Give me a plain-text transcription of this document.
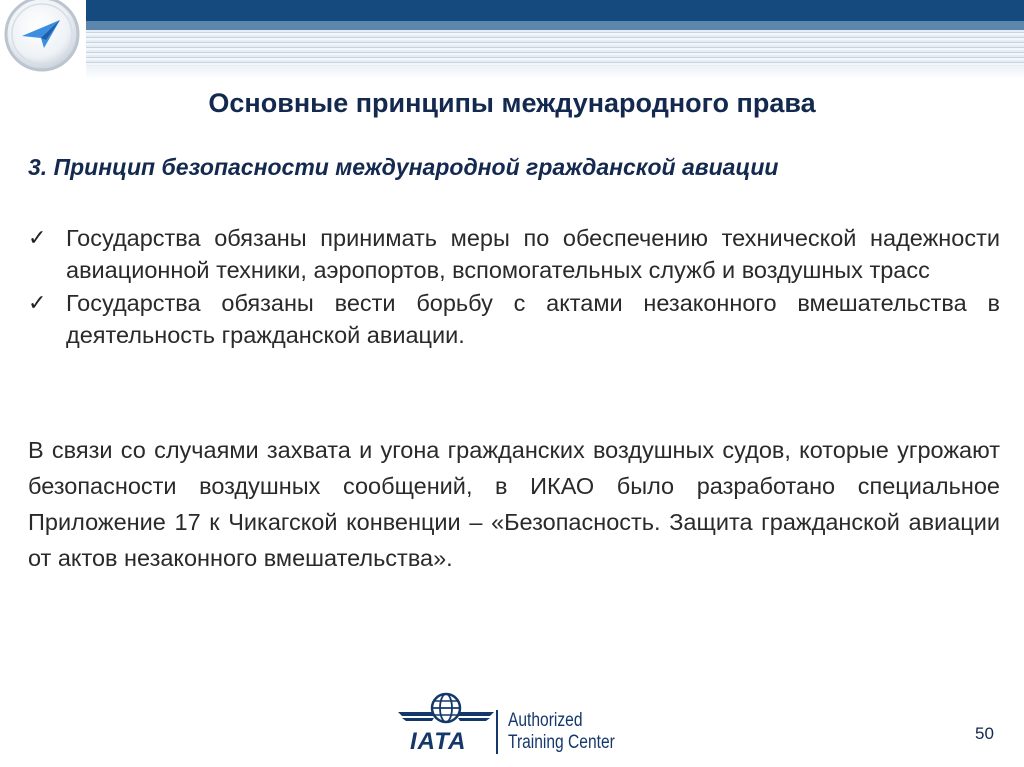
Основные принципы международного права
3. Принцип безопасности международной гражданской авиации
✓ Государства обязаны принимать меры по обеспечению технической надежности авиационной техники, аэропортов, вспомогательных служб и воздушных трасс
✓ Государства обязаны вести борьбу с актами незаконного вмешательства в деятельность гражданской авиации.
В связи со случаями захвата и угона гражданских воздушных судов, которые угрожают безопасности воздушных сообщений, в ИКАО было разработано специальное Приложение 17 к Чикагской конвенции – «Безопасность. Защита гражданской авиации от актов незаконного вмешательства».
IATA
Authorized
Training Center	50
